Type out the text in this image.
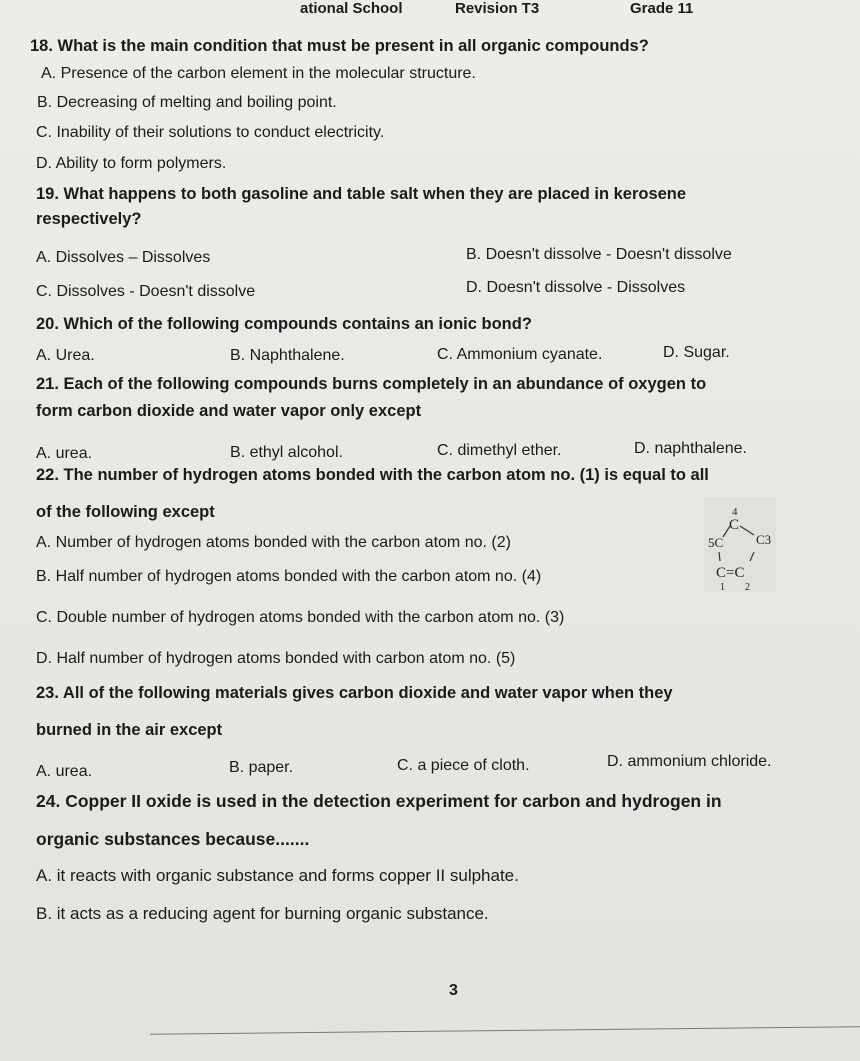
ational School	Revision T3	Grade 11
18. What is the main condition that must be present in all organic compounds?
A. Presence of the carbon element in the molecular structure.
B. Decreasing of melting and boiling point.
C. Inability of their solutions to conduct electricity.
D. Ability to form polymers.
19. What happens to both gasoline and table salt when they are placed in kerosene
respectively?
A. Dissolves – Dissolves	B. Doesn't dissolve - Doesn't dissolve
C. Dissolves - Doesn't dissolve	D. Doesn't dissolve - Dissolves
20. Which of the following compounds contains an ionic bond?
A. Urea.	B. Naphthalene.	C. Ammonium cyanate.	D. Sugar.
21. Each of the following compounds burns completely in an abundance of oxygen to
form carbon dioxide and water vapor only except
A. urea.	B. ethyl alcohol.	C. dimethyl ether.	D. naphthalene.
22. The number of hydrogen atoms bonded with the carbon atom no. (1) is equal to all
of the following except
A. Number of hydrogen atoms bonded with the carbon atom no. (2)
B. Half number of hydrogen atoms bonded with the carbon atom no. (4)
C. Double number of hydrogen atoms bonded with the carbon atom no. (3)
D. Half number of hydrogen atoms bonded with carbon atom no. (5)
4
C
5C	C3
C=C
1 2
23. All of the following materials gives carbon dioxide and water vapor when they
burned in the air except
A. urea.	B. paper.	C. a piece of cloth.	D. ammonium chloride.
24. Copper II oxide is used in the detection experiment for carbon and hydrogen in
organic substances because.......
A. it reacts with organic substance and forms copper II sulphate.
B. it acts as a reducing agent for burning organic substance.
3
